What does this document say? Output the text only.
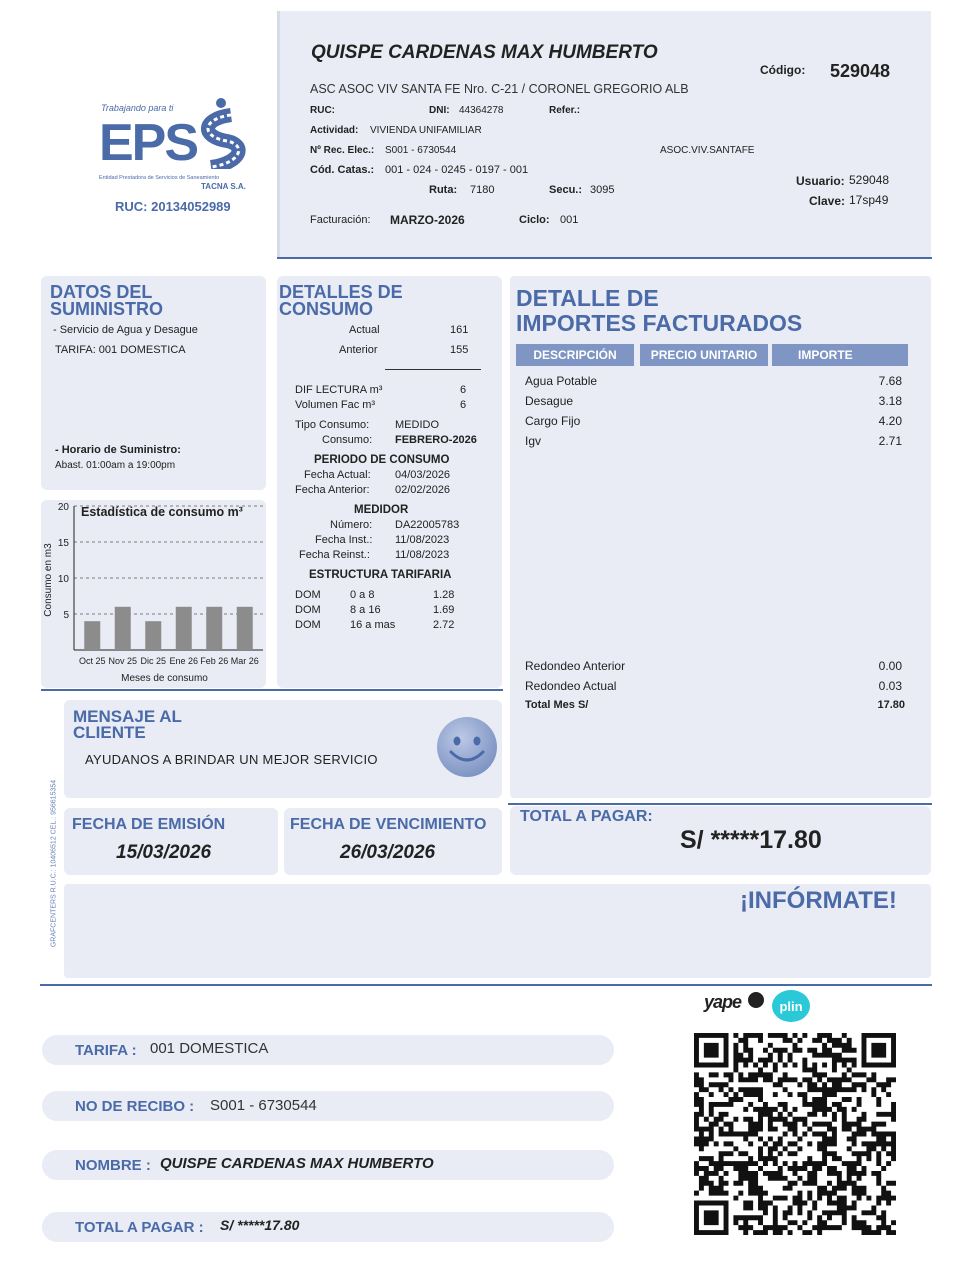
Trabajando para ti
EPS
Entidad Prestadora de Servicios de Saneamiento
TACNA S.A.
RUC: 20134052989
QUISPE CARDENAS MAX HUMBERTO
Código: 529048
ASC ASOC VIV SANTA FE Nro. C-21 / CORONEL GREGORIO ALB
RUC:	DNI: 44364278	Refer.:
Actividad: VIVIENDA UNIFAMILIAR
Nº Rec. Elec.: S001 - 6730544	ASOC.VIV.SANTAFE
Cód. Catas.: 001 - 024 - 0245 - 0197 - 001
Ruta: 7180	Secu.: 3095
Usuario: 529048
Clave: 17sp49
Facturación: MARZO-2026	Ciclo: 001
DATOS DEL
SUMINISTRO
- Servicio de Agua y Desague
TARIFA: 001 DOMESTICA
- Horario de Suministro:
Abast. 01:00am a 19:00pm
5
10
15
20 Estadística de consumo m³
Oct 25 Nov 25 Dic 25 Ene 26 Feb 26 Mar 26
Meses de consumo
Consumo en m3
DETALLES DE
CONSUMO
Actual	161
Anterior	155
DIF LECTURA m³	6
Volumen Fac m³	6
Tipo Consumo: MEDIDO
Consumo: FEBRERO-2026
PERIODO DE CONSUMO
Fecha Actual: 04/03/2026
Fecha Anterior: 02/02/2026
MEDIDOR
Número: DA22005783
Fecha Inst.: 11/08/2023
Fecha Reinst.: 11/08/2023
ESTRUCTURA TARIFARIA
DOM	0 a 8	1.28
DOM	8 a 16	1.69
DOM	16 a mas	2.72
DETALLE DE
IMPORTES FACTURADOS
DESCRIPCIÓN	PRECIO UNITARIO	IMPORTE
Agua Potable	7.68
Desague	3.18
Cargo Fijo	4.20
Igv	2.71
Redondeo Anterior	0.00
Redondeo Actual	0.03
Total Mes S/	17.80
MENSAJE AL
CLIENTE
AYUDANOS A BRINDAR UN MEJOR SERVICIO
GRAFCENTERS R.U.C.: 10406512 CEL.: 956615354 FECHA DE EMISIÓN
15/03/2026
FECHA DE VENCIMIENTO
26/03/2026
TOTAL A PAGAR:
S/ *****17.80
¡INFÓRMATE!
TARIFA : 001 DOMESTICA
NO DE RECIBO : S001 - 6730544
NOMBRE : QUISPE CARDENAS MAX HUMBERTO
TOTAL A PAGAR : S/ *****17.80
yape	plin
